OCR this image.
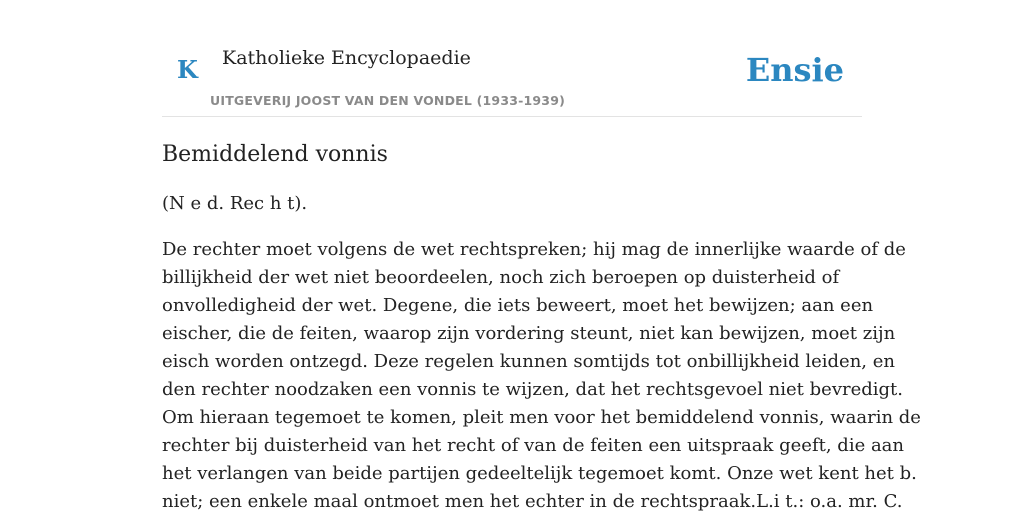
K Katholieke Encyclopaedie
UITGEVERIJ JOOST VAN DEN VONDEL (1933-1939)
Ensie
Bemiddelend vonnis

(N e d. Rec h t).

De rechter moet volgens de wet rechtspreken; hij mag de innerlijke waarde of de
billijkheid der wet niet beoordeelen, noch zich beroepen op duisterheid of
onvolledigheid der wet. Degene, die iets beweert, moet het bewijzen; aan een
eischer, die de feiten, waarop zijn vordering steunt, niet kan bewijzen, moet zijn
eisch worden ontzegd. Deze regelen kunnen somtijds tot onbillijkheid leiden, en
den rechter noodzaken een vonnis te wijzen, dat het rechtsgevoel niet bevredigt.
Om hieraan tegemoet te komen, pleit men voor het bemiddelend vonnis, waarin de
rechter bij duisterheid van het recht of van de feiten een uitspraak geeft, die aan
het verlangen van beide partijen gedeeltelijk tegemoet komt. Onze wet kent het b.
niet; een enkele maal ontmoet men het echter in de rechtspraak.L.i t.: o.a. mr. C.
